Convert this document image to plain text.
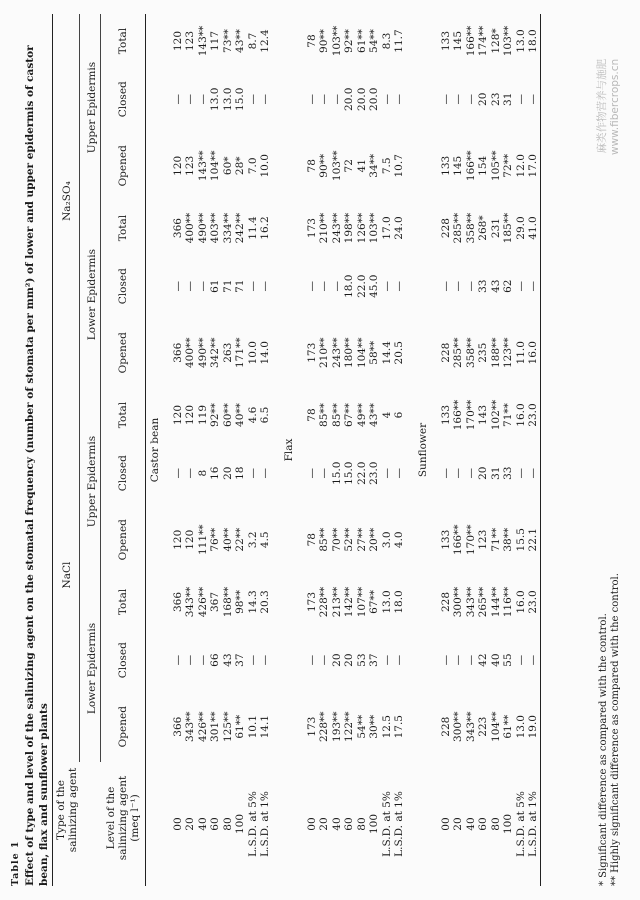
Table 1 Effect of type and level of the salinizing agent on the stomatal frequency (number of stomata per mm²) of lower and upper epidermis of castor bean, flax and sunflower plants Type of the salinizing agent	NaCl						Na₂SO₄					
	Lower Epidermis			Upper Epidermis			Lower Epidermis			Upper Epidermis		
Level of the salinizing agent (meq l⁻¹)	Opened	Closed	Total	Opened	Closed	Total	Opened	Closed	Total	Opened	Closed	Total
Castor bean												

00	366	—	366	120	—	120	366	—	366	120	—	120
20	343**	—	343**	120	—	120	400**	—	400**	123	—	123
40	426**	—	426**	111**	8	119	490**	—	490**	143**	—	143**
60	301**	66	367	76**	16	92**	342**	61	403**	104**	13.0	117
80	125**	43	168**	40**	20	60**	263	71	334**	60*	13.0	73**
100	61**	37	98**	22**	18	40**	171**	71	242**	28*	15.0	43**
L.S.D. at 5%	10.1	—	14.3	3.2	—	4.6	10.0	—	11.4	7.0	—	8.7
L.S.D. at 1%	14.1	—	20.3	4.5	—	6.5	14.0	—	16.2	10.0	—	12.4

Flax												

00	173	—	173	78	—	78	173	—	173	78	—	78
20	228**	—	228**	85**	—	85**	210**	—	210**	90**	—	90**
40	193**	20	213**	70**	15.0	85**	243**	—	243**	103**	—	103**
60	122**	20	142**	52**	15.0	67**	180**	18.0	198**	72	20.0	92**
80	54**	53	107**	27**	22.0	49**	104**	22.0	126**	41	20.0	61**
100	30**	37	67**	20**	23.0	43**	58**	45.0	103**	34**	20.0	54**
L.S.D. at 5%	12.5	—	13.0	3.0	—	4	14.4	—	17.0	7.5	—	8.3
L.S.D. at 1%	17.5	—	18.0	4.0	—	6	20.5	—	24.0	10.7	—	11.7

Sunflower												

00	228	—	228	133	—	133	228	—	228	133	—	133
20	300**	—	300**	166**	—	166**	285**	—	285**	145	—	145
40	343**	—	343**	170**	—	170**	358**	—	358**	166**	—	166**
60	223	42	265**	123	20	143	235	33	268*	154	20	174**
80	104**	40	144**	71**	31	102**	188**	43	231	105**	23	128*
100	61**	55	116**	38**	33	71**	123**	62	185**	72**	31	103**
L.S.D. at 5%	13.0	—	16.0	15.5	—	16.0	11.0	—	29.0	12.0	—	13.0
L.S.D. at 1%	19.0	—	23.0	22.1	—	23.0	16.0	—	41.0	17.0	—	18.0
* Significant difference as compared with the control. ** Highly significant difference as compared with the control.
麻类作物营养与施肥 www.fibercrops.cn
